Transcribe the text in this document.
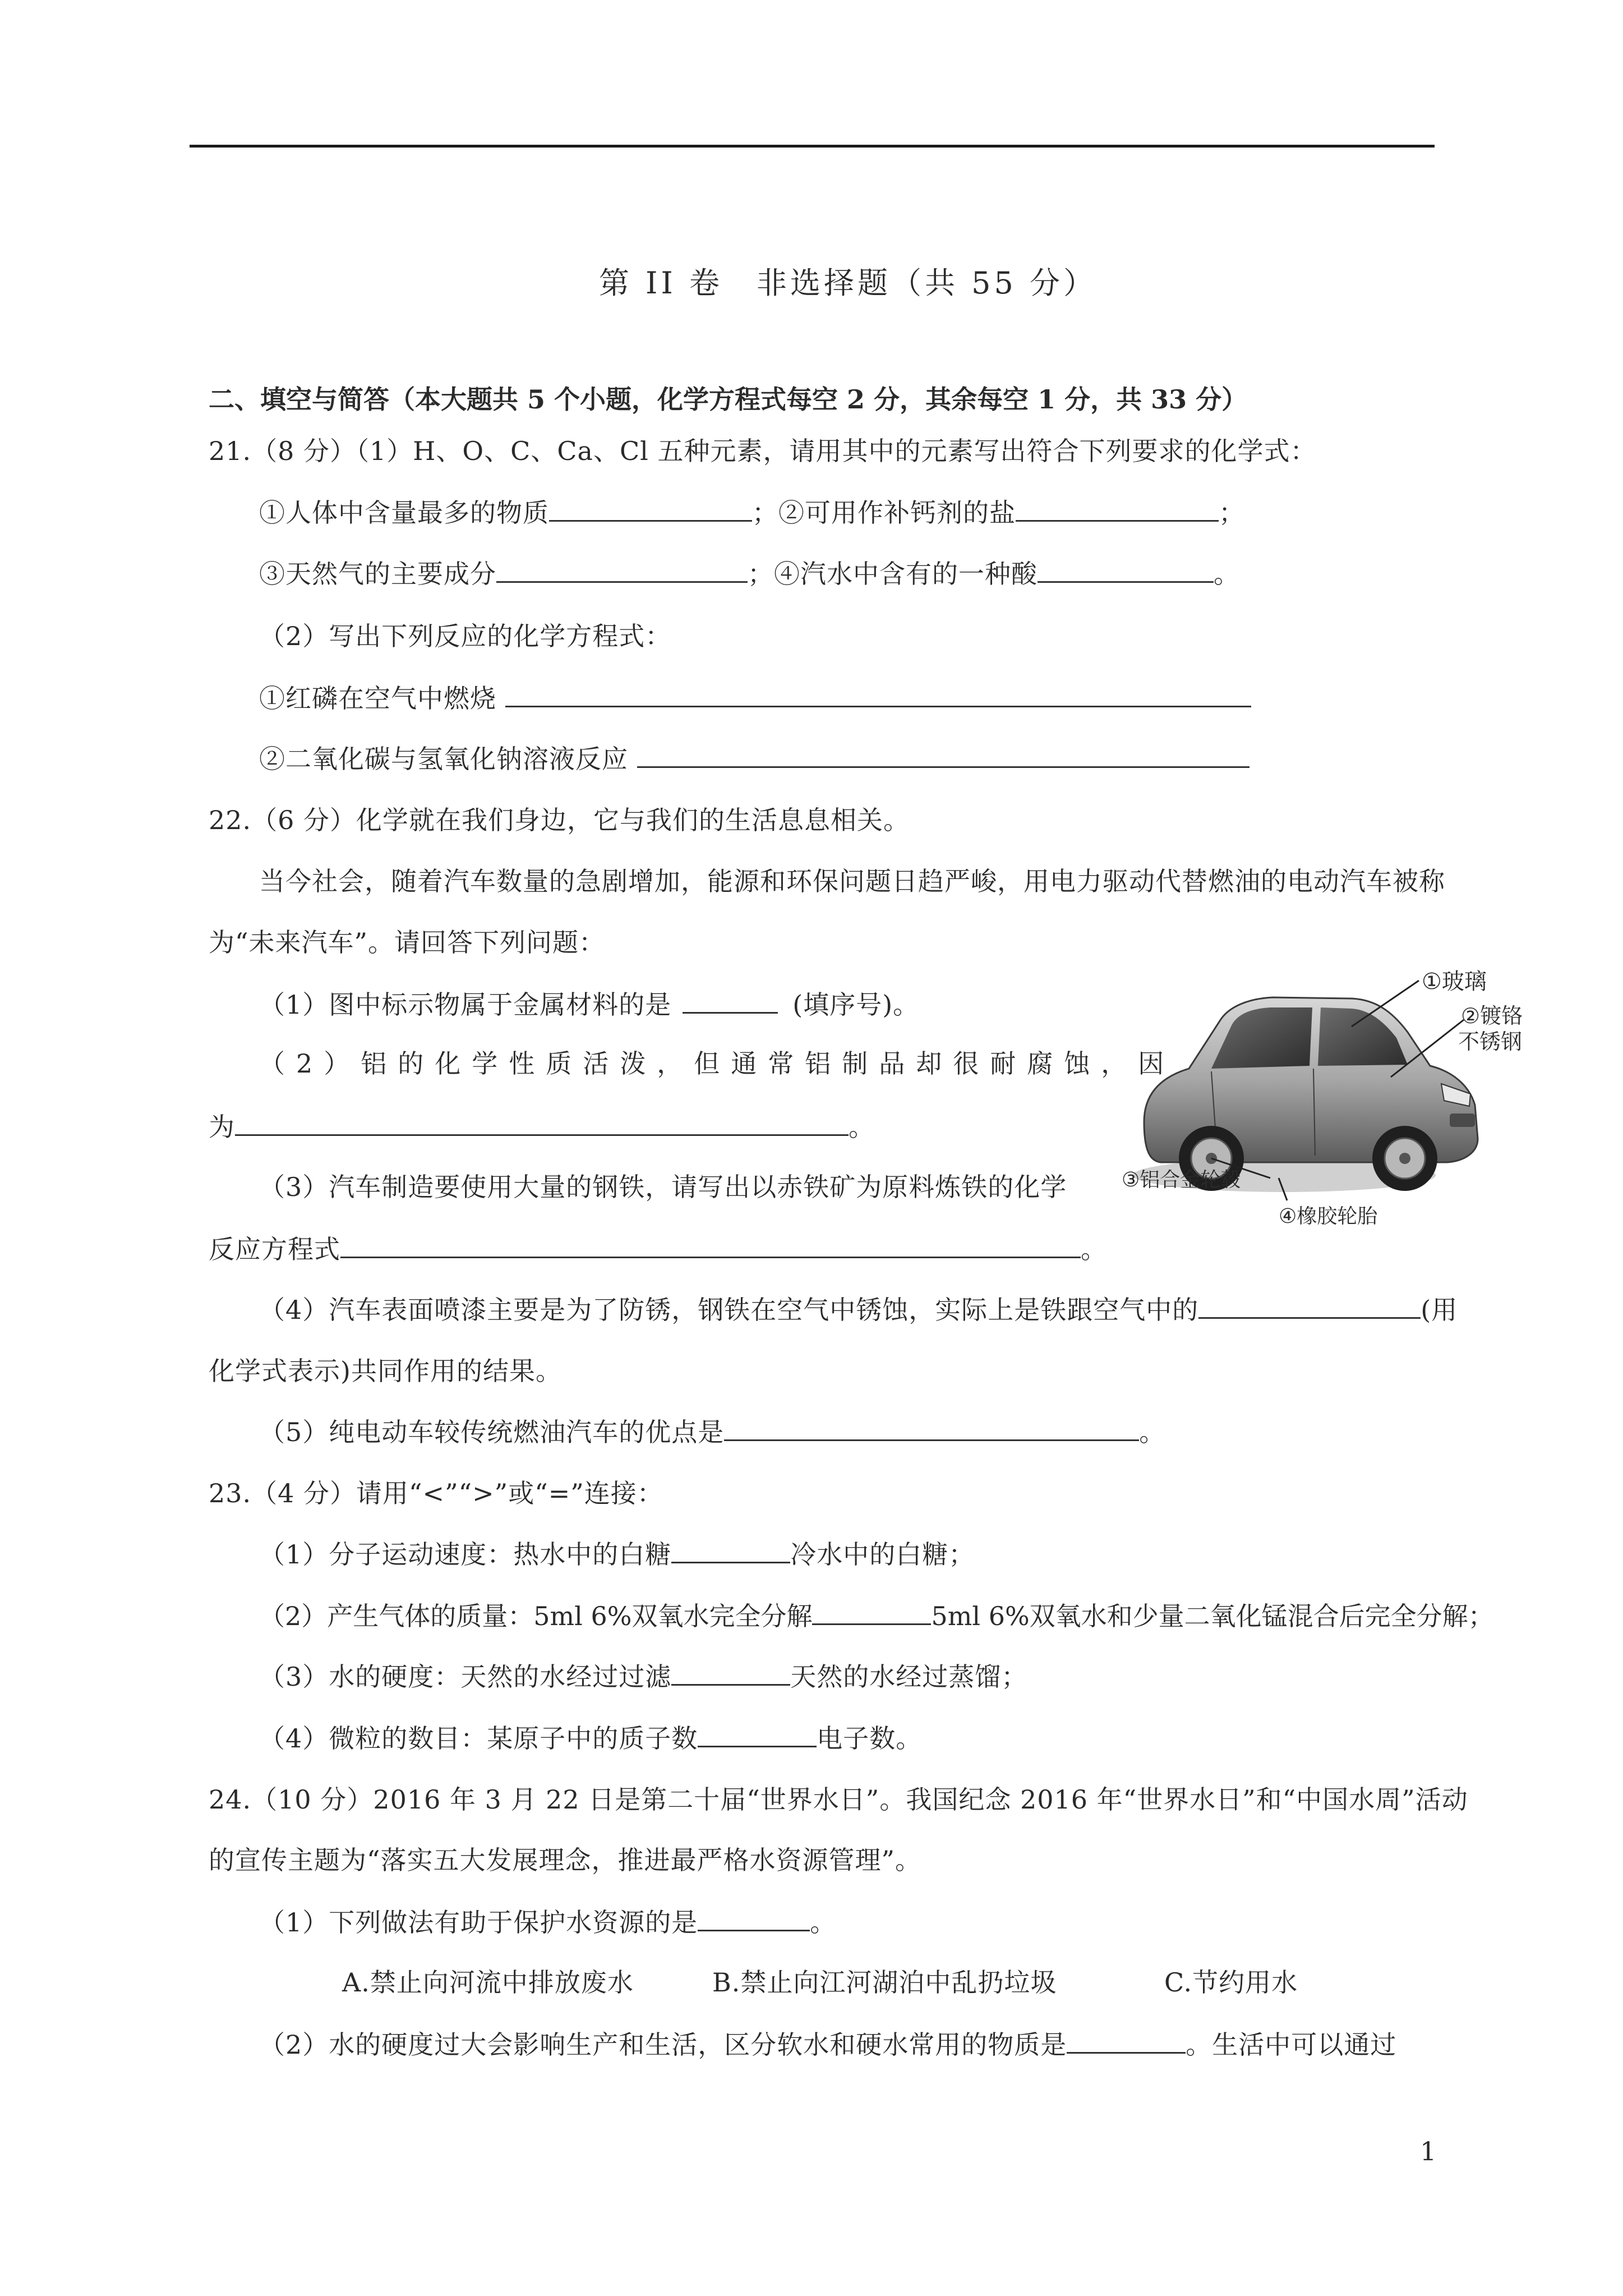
第 II 卷　非选择题（共 55 分）
二、填空与简答（本大题共 5 个小题，化学方程式每空 2 分，其余每空 1 分，共 33 分）
21.（8 分）（1）H、O、C、Ca、Cl 五种元素，请用其中的元素写出符合下列要求的化学式：
①人体中含量最多的物质	；②可用作补钙剂的盐	；
③天然气的主要成分	；④汽水中含有的一种酸	。
（2）写出下列反应的化学方程式：
①红磷在空气中燃烧
②二氧化碳与氢氧化钠溶液反应
22.（6 分）化学就在我们身边，它与我们的生活息息相关。
当今社会，随着汽车数量的急剧增加，能源和环保问题日趋严峻，用电力驱动代替燃油的电动汽车被称
为“未来汽车”。请回答下列问题：
（1）图中标示物属于金属材料的是	(填序号)。
（2）铝的化学性质活泼，但通常铝制品却很耐腐蚀，因
为	。
（3）汽车制造要使用大量的钢铁，请写出以赤铁矿为原料炼铁的化学
反应方程式	。
（4）汽车表面喷漆主要是为了防锈，钢铁在空气中锈蚀，实际上是铁跟空气中的	(用
化学式表示)共同作用的结果。
（5）纯电动车较传统燃油汽车的优点是	。
①玻璃
②镀铬
不锈钢
③铝合金轮毂
④橡胶轮胎
23.（4 分）请用“<”“>”或“=”连接：
（1）分子运动速度：热水中的白糖	冷水中的白糖；
（2）产生气体的质量：5ml 6%双氧水完全分解	5ml 6%双氧水和少量二氧化锰混合后完全分解；
（3）水的硬度：天然的水经过过滤	天然的水经过蒸馏；
（4）微粒的数目：某原子中的质子数	电子数。
24.（10 分）2016 年 3 月 22 日是第二十届“世界水日”。我国纪念 2016 年“世界水日”和“中国水周”活动
的宣传主题为“落实五大发展理念，推进最严格水资源管理”。
（1）下列做法有助于保护水资源的是	。
A.禁止向河流中排放废水	B.禁止向江河湖泊中乱扔垃圾	C.节约用水
（2）水的硬度过大会影响生产和生活，区分软水和硬水常用的物质是	。生活中可以通过
1
